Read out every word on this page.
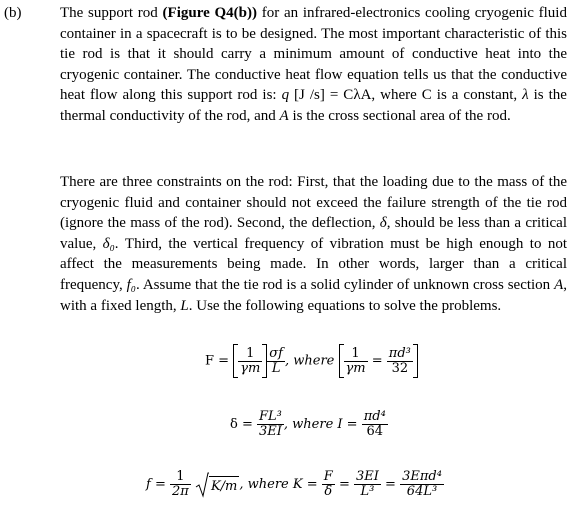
(b)	The support rod (Figure Q4(b)) for an infrared-electronics cooling cryogenic fluid container in a spacecraft is to be designed. The most important characteristic of this tie rod is that it should carry a minimum amount of conductive heat into the cryogenic container. The conductive heat flow equation tells us that the conductive heat flow along this support rod is: q [J /s] = CλA, where C is a constant, λ is the thermal conductivity of the rod, and A is the cross sectional area of the rod.

There are three constraints on the rod: First, that the loading due to the mass of the cryogenic fluid and container should not exceed the failure strength of the tie rod (ignore the mass of the rod). Second, the deflection, δ, should be less than a critical value, δ₀. Third, the vertical frequency of vibration must be high enough to not affect the measurements being made. In other words, larger than a critical frequency, f₀. Assume that the tie rod is a solid cylinder of unknown cross section A, with a fixed length, L. Use the following equations to solve the problems.

$F = \frac{1}{\gamma m} \frac{\sigma f}{L}$ , where $\frac{1}{\gamma m} = \frac{\text{πd³}}{32}$
$\delta = \frac{\text{FL³}}{3EI}$ , where $I = \frac{\text{πd⁴}}{64}$
$f = \frac{1}{2\pi}$
K/m , where $K = \frac{F}{\delta} = \frac{3EI}{\text{L³}} = \frac{\text{3Eπd⁴}}{\text{64L³}}$
